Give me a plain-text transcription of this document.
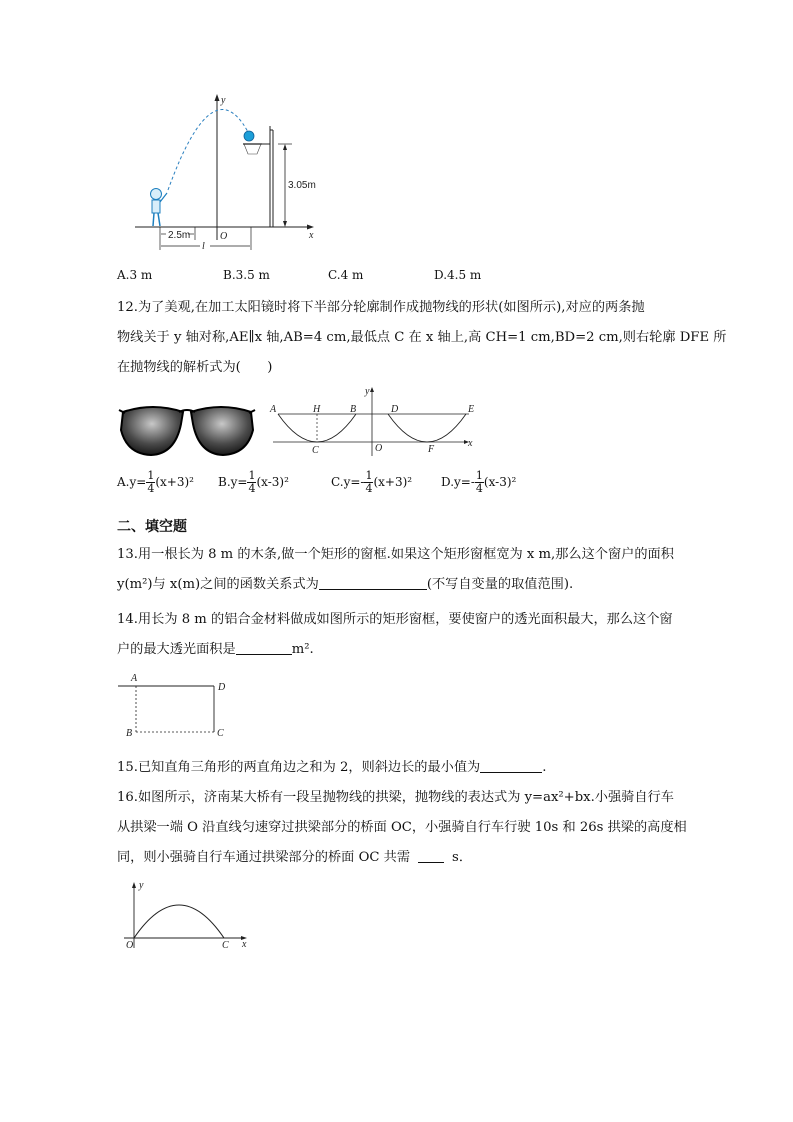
y
x
O
2.5m
l
3.05m
A.3 m	B.3.5 m	C.4 m	D.4.5 m
12.为了美观,在加工太阳镜时将下半部分轮廓制作成抛物线的形状(如图所示),对应的两条抛
物线关于 y 轴对称,AE∥x 轴,AB=4 cm,最低点 C 在 x 轴上,高 CH=1 cm,BD=2 cm,则右轮廓 DFE 所
在抛物线的解析式为(　　)
A	H	B	D	E
C	O	F
y
x
$A.y= \frac{1}{4} (x+3)^2$ $B.y= \frac{1}{4} (x-3)^2$	$C.y=- \frac{1}{4} (x+3)^2$ $D.y=- \frac{1}{4} (x-3)^2$
二、填空题
13.用一根长为 8 m 的木条,做一个矩形的窗框.如果这个矩形窗框宽为 x m,那么这个窗户的面积
y(m²)与 x(m)之间的函数关系式为	(不写自变量的取值范围).
14.用长为 8 m 的铝合金材料做成如图所示的矩形窗框，要使窗户的透光面积最大，那么这个窗
户的最大透光面积是	m².
A
D
B	C
15.已知直角三角形的两直角边之和为 2，则斜边长的最小值为	.
16.如图所示，济南某大桥有一段呈抛物线的拱梁，抛物线的表达式为 y=ax²+bx.小强骑自行车
从拱梁一端 O 沿直线匀速穿过拱梁部分的桥面 OC，小强骑自行车行驶 10s 和 26s 拱梁的高度相
同，则小强骑自行车通过拱梁部分的桥面 OC 共需	s．
y
x
O	C
